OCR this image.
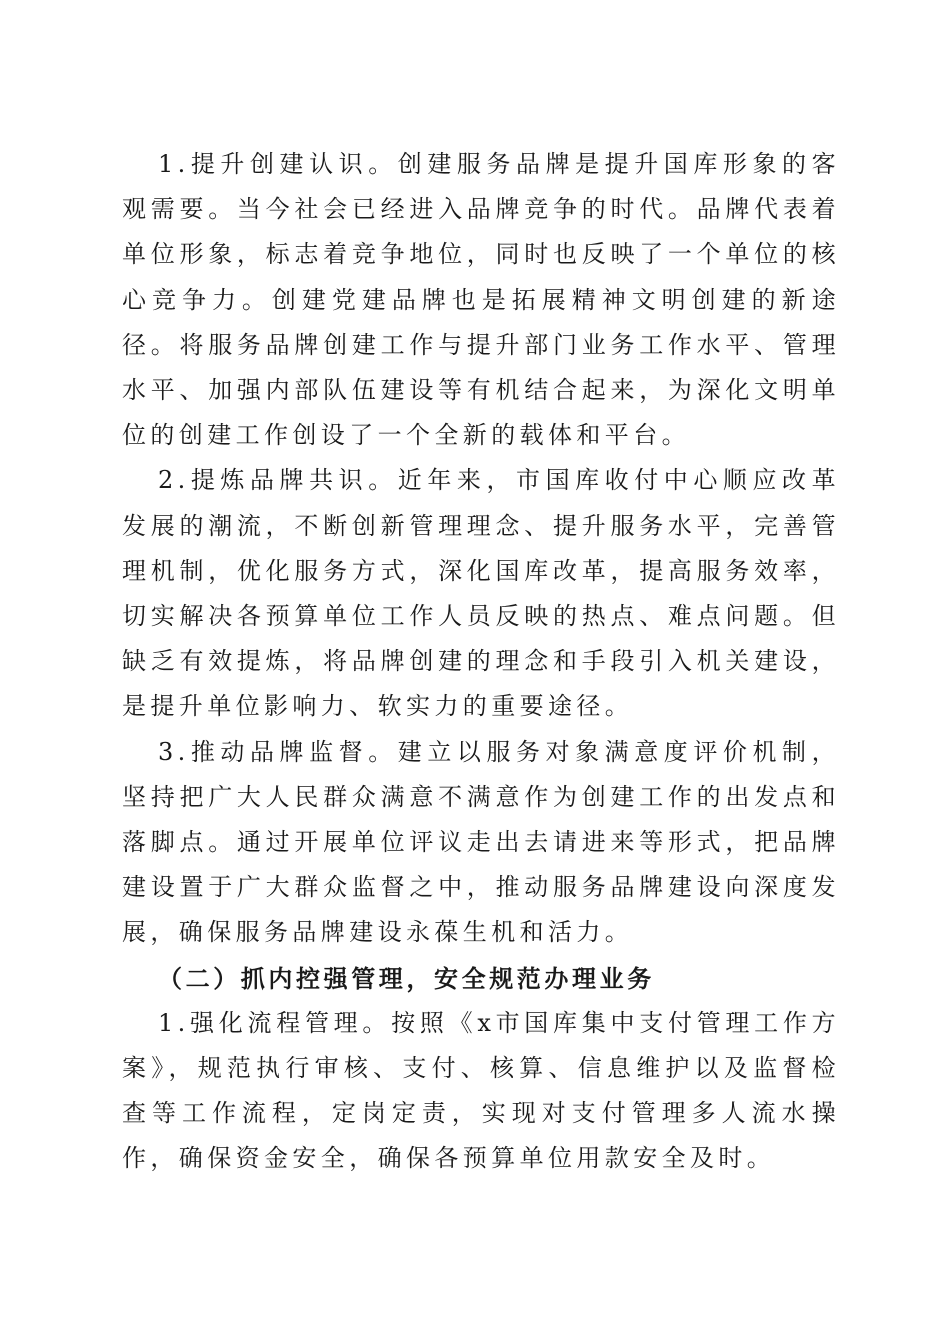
1.提升创建认识。创建服务品牌是提升国库形象的客观需要。当今社会已经进入品牌竞争的时代。品牌代表着单位形象，标志着竞争地位，同时也反映了一个单位的核心竞争力。创建党建品牌也是拓展精神文明创建的新途径。将服务品牌创建工作与提升部门业务工作水平、管理水平、加强内部队伍建设等有机结合起来，为深化文明单位的创建工作创设了一个全新的载体和平台。

2.提炼品牌共识。近年来，市国库收付中心顺应改革发展的潮流，不断创新管理理念、提升服务水平，完善管理机制，优化服务方式，深化国库改革，提高服务效率，切实解决各预算单位工作人员反映的热点、难点问题。但缺乏有效提炼，将品牌创建的理念和手段引入机关建设，是提升单位影响力、软实力的重要途径。

3.推动品牌监督。建立以服务对象满意度评价机制，坚持把广大人民群众满意不满意作为创建工作的出发点和落脚点。通过开展单位评议走出去请进来等形式，把品牌建设置于广大群众监督之中，推动服务品牌建设向深度发展，确保服务品牌建设永葆生机和活力。

（二）抓内控强管理，安全规范办理业务

1.强化流程管理。按照《x市国库集中支付管理工作方案》，规范执行审核、支付、核算、信息维护以及监督检查等工作流程，定岗定责，实现对支付管理多人流水操作，确保资金安全，确保各预算单位用款安全及时。
